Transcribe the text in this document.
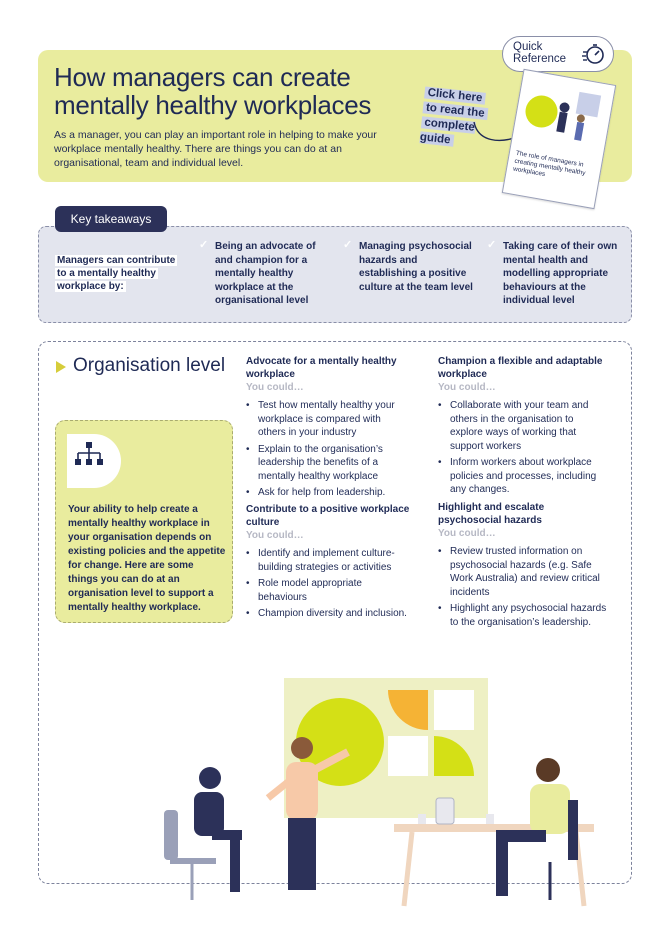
How managers can create
mentally healthy workplaces
As a manager, you can play an important role in helping to make your workplace mentally healthy. There are things you can do at an organisational, team and individual level.
Quick
Reference
Click here
to read the
complete guide
The role of managers in creating mentally healthy workplaces
Key takeaways
Managers can contribute
to a mentally healthy
workplace by:
✓ Being an advocate of and champion for a mentally healthy workplace at the organisational level
✓ Managing psychosocial hazards and establishing a positive culture at the team level
✓ Taking care of their own mental health and modelling appropriate behaviours at the individual level
Organisation level
Your ability to help create a mentally healthy workplace in your organisation depends on existing policies and the appetite for change. Here are some things you can do at an organisation level to support a mentally healthy workplace.
Advocate for a mentally healthy workplace
You could…
• Test how mentally healthy your workplace is compared with others in your industry
• Explain to the organisation’s leadership the benefits of a mentally healthy workplace
• Ask for help from leadership.
Contribute to a positive workplace culture
You could…
• Identify and implement culture-building strategies or activities
• Role model appropriate behaviours
• Champion diversity and inclusion.
Champion a flexible and adaptable workplace
You could…
• Collaborate with your team and others in the organisation to explore ways of working that support workers
• Inform workers about workplace policies and processes, including any changes.
Highlight and escalate psychosocial hazards
You could…
• Review trusted information on psychosocial hazards (e.g. Safe Work Australia) and review critical incidents
• Highlight any psychosocial hazards to the organisation’s leadership.
